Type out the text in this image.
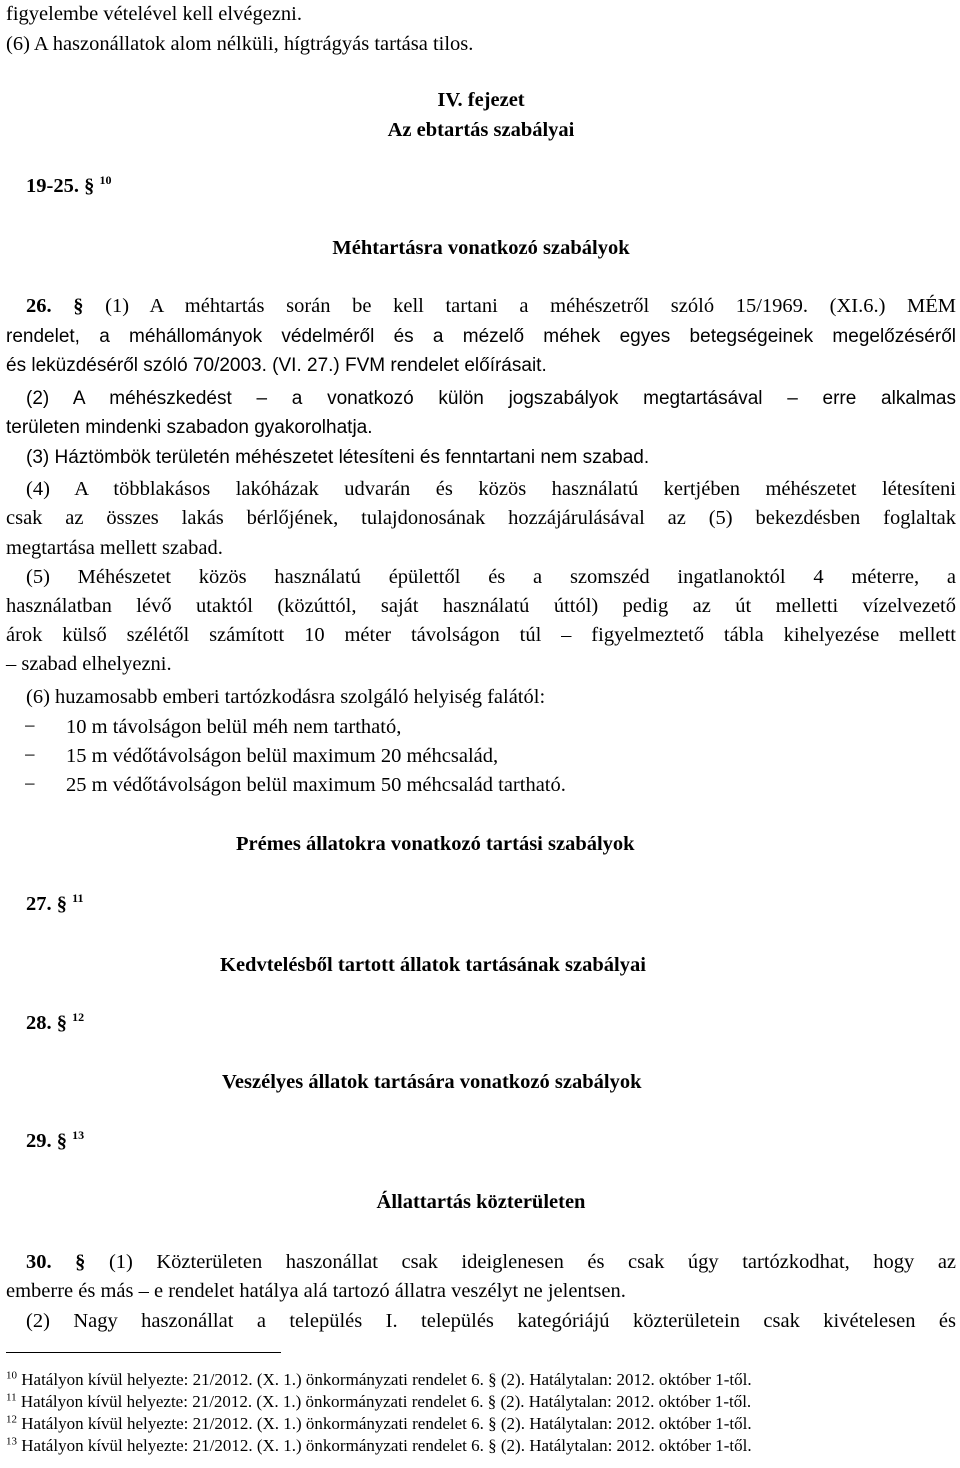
figyelembe vételével kell elvégezni.
(6) A haszonállatok alom nélküli, hígtrágyás tartása tilos.
IV. fejezet
Az ebtartás szabályai
19-25. § $^{10}$
Méhtartásra vonatkozó szabályok
26. § (1) A méhtartás során be kell tartani a méhészetről szóló 15/1969. (XI.6.) MÉM
rendelet, a méhállományok védelméről és a mézelő méhek egyes betegségeinek megelőzéséről
és leküzdéséről szóló 70/2003. (VI. 27.) FVM rendelet előírásait.
(2) A méhészkedést – a vonatkozó külön jogszabályok megtartásával – erre alkalmas
területen mindenki szabadon gyakorolhatja.
(3) Háztömbök területén méhészetet létesíteni és fenntartani nem szabad.
(4) A többlakásos lakóházak udvarán és közös használatú kertjében méhészetet létesíteni
csak az összes lakás bérlőjének, tulajdonosának hozzájárulásával az (5) bekezdésben foglaltak
megtartása mellett szabad.
(5) Méhészetet közös használatú épülettől és a szomszéd ingatlanoktól 4 méterre, a
használatban lévő utaktól (közúttól, saját használatú úttól) pedig az út melletti vízelvezető
árok külső szélétől számított 10 méter távolságon túl – figyelmeztető tábla kihelyezése mellett
– szabad elhelyezni.
(6) huzamosabb emberi tartózkodásra szolgáló helyiség falától:
− 10 m távolságon belül méh nem tartható,
− 15 m védőtávolságon belül maximum 20 méhcsalád,
− 25 m védőtávolságon belül maximum 50 méhcsalád tartható.
Prémes állatokra vonatkozó tartási szabályok
27. § $^{11}$
Kedvtelésből tartott állatok tartásának szabályai
28. § $^{12}$
Veszélyes állatok tartására vonatkozó szabályok
29. § $^{13}$
Állattartás közterületen
30. § (1) Közterületen haszonállat csak ideiglenesen és csak úgy tartózkodhat, hogy az
emberre és más – e rendelet hatálya alá tartozó állatra veszélyt ne jelentsen.
(2) Nagy haszonállat a település I. település kategóriájú közterületein csak kivételesen és
$^{10}$ Hatályon kívül helyezte: 21/2012. (X. 1.) önkormányzati rendelet 6. § (2). Hatálytalan: 2012. október 1-től.
$^{11}$ Hatályon kívül helyezte: 21/2012. (X. 1.) önkormányzati rendelet 6. § (2). Hatálytalan: 2012. október 1-től.
$^{12}$ Hatályon kívül helyezte: 21/2012. (X. 1.) önkormányzati rendelet 6. § (2). Hatálytalan: 2012. október 1-től.
$^{13}$ Hatályon kívül helyezte: 21/2012. (X. 1.) önkormányzati rendelet 6. § (2). Hatálytalan: 2012. október 1-től.
